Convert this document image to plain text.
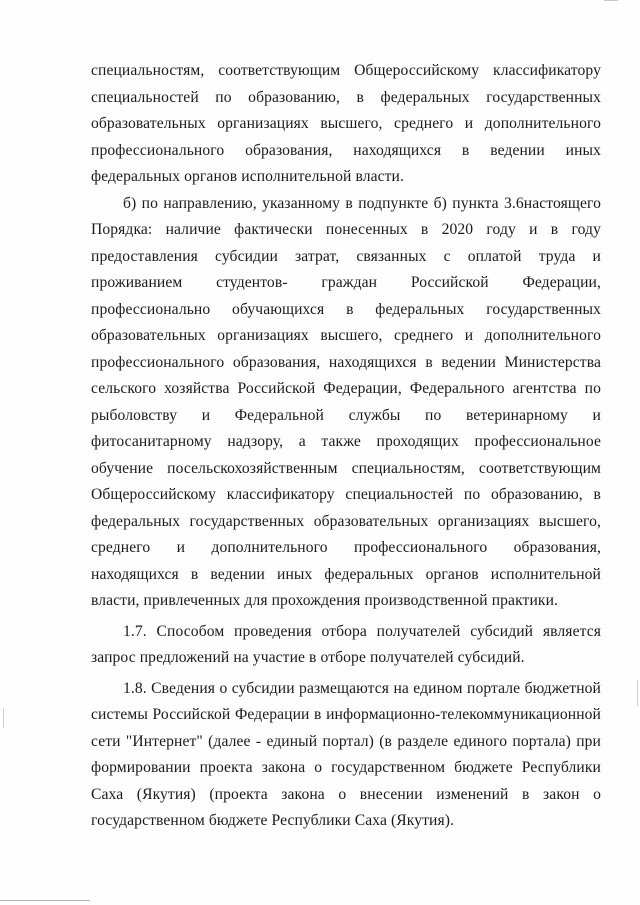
специальностям, соответствующим Общероссийскому классификатору специальностей по образованию, в федеральных государственных образовательных организациях высшего, среднего и дополнительного профессионального образования, находящихся в ведении иных федеральных органов исполнительной власти.

б) по направлению, указанному в подпункте б) пункта 3.6настоящего Порядка: наличие фактически понесенных в 2020 году и в году предоставления субсидии затрат, связанных с оплатой труда и проживанием студентов- граждан Российской Федерации, профессионально обучающихся в федеральных государственных образовательных организациях высшего, среднего и дополнительного профессионального образования, находящихся в ведении Министерства сельского хозяйства Российской Федерации, Федерального агентства по рыболовству и Федеральной службы по ветеринарному и фитосанитарному надзору, а также проходящих профессиональное обучение посельскохозяйственным специальностям, соответствующим Общероссийскому классификатору специальностей по образованию, в федеральных государственных образовательных организациях высшего, среднего и дополнительного профессионального образования, находящихся в ведении иных федеральных органов исполнительной власти, привлеченных для прохождения производственной практики.

1.7. Способом проведения отбора получателей субсидий является запрос предложений на участие в отборе получателей субсидий.

1.8. Сведения о субсидии размещаются на едином портале бюджетной системы Российской Федерации в информационно-телекоммуникационной сети "Интернет" (далее - единый портал) (в разделе единого портала) при формировании проекта закона о государственном бюджете Республики Саха (Якутия) (проекта закона о внесении изменений в закон о государственном бюджете Республики Саха (Якутия).
